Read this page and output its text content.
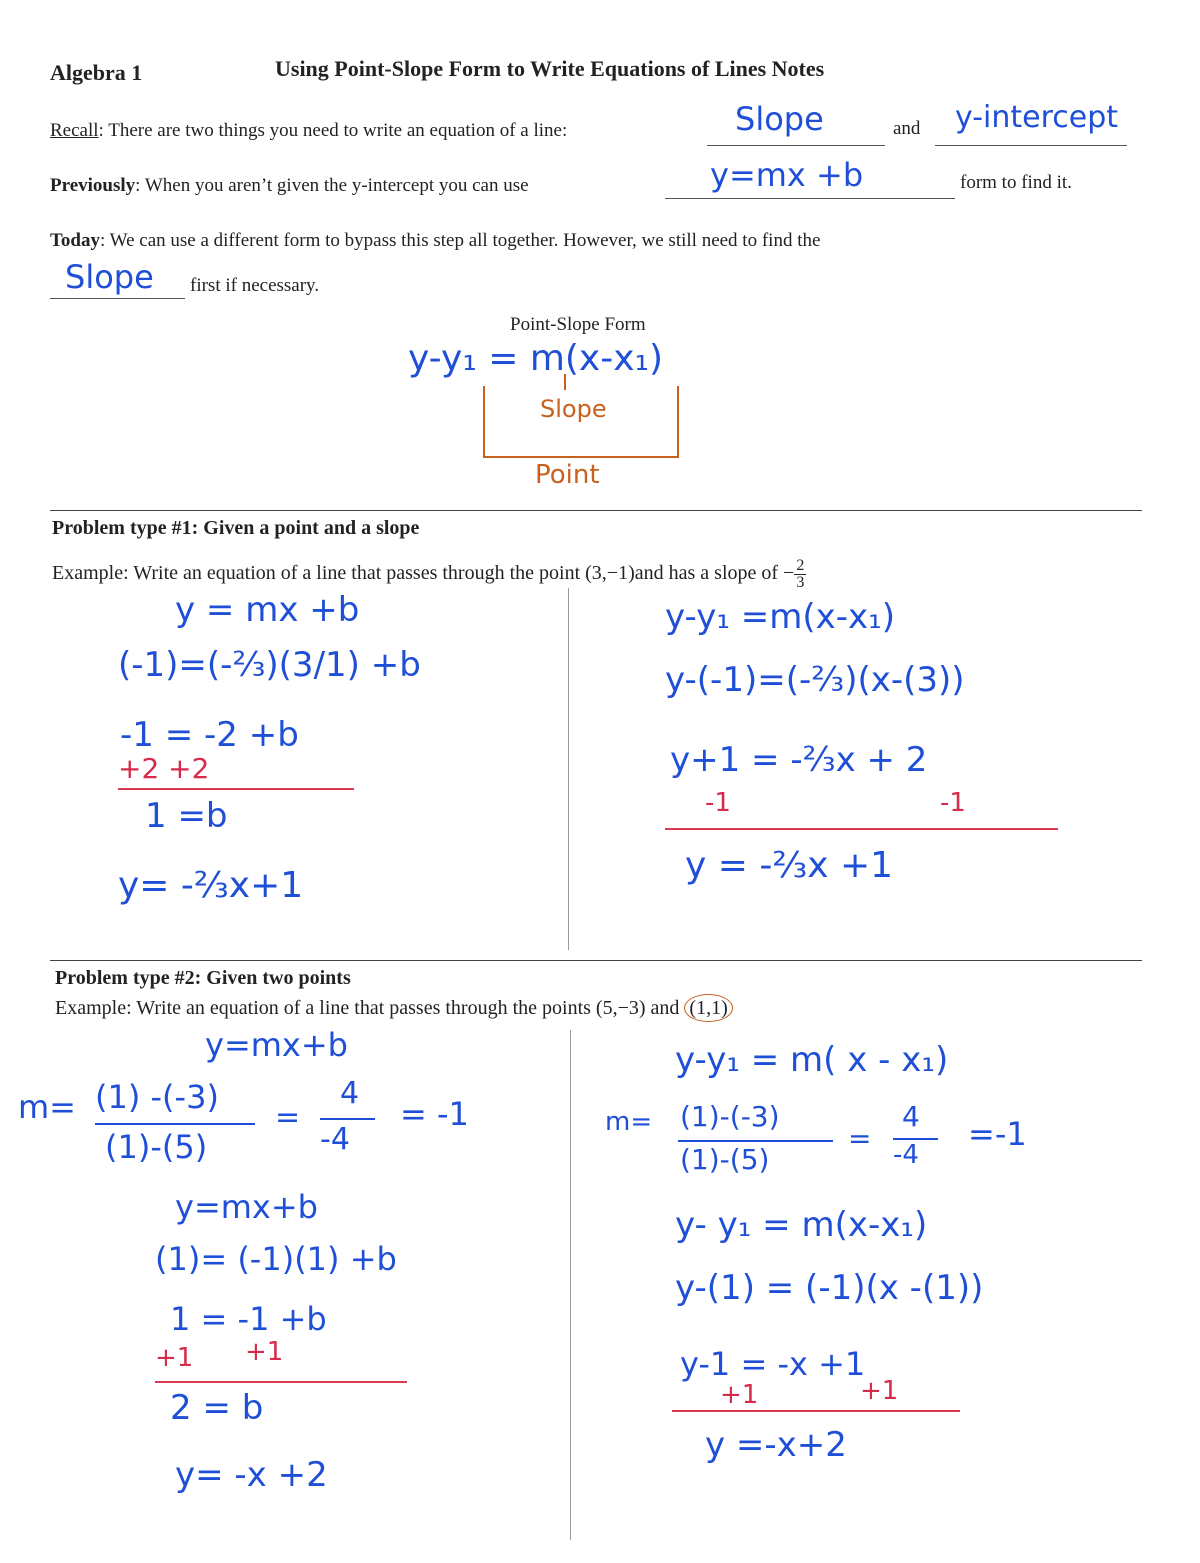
Algebra 1	Using Point-Slope Form to Write Equations of Lines Notes
Recall: There are two things you need to write an equation of a line:	Slope	and y-intercept
Previously: When you aren’t given the y-intercept you can use	y=mx +b	form to find it.
Today: We can use a different form to bypass this step all together. However, we still need to find the
Slope first if necessary.
Point-Slope Form
y-y₁ = m(x-x₁)
Slope
Point
Problem type #1: Given a point and a slope
Example: Write an equation of a line that passes through the point (3,−1)and has a slope of − $\frac{2}{3}$
y = mx +b
(-1)=(-⅔)(3/1) +b
-1 = -2 +b
+2 +2
1 =b
y= -⅔x+1
y-y₁ =m(x-x₁)
y-(-1)=(-⅔)(x-(3))
y+1 = -⅔x + 2
-1	-1
y = -⅔x +1
Problem type #2: Given two points
Example: Write an equation of a line that passes through the points (5,−3) and (1,1)
y=mx+b
m= (1) -(-3)
(1)-(5)
=
4
-4
= -1
y=mx+b
(1)= (-1)(1) +b
1 = -1 +b
+1 +1
2 = b
y= -x +2
y-y₁ = m( x - x₁)
m= (1)-(-3)
(1)-(5)
=
4
-4
=-1
y- y₁ = m(x-x₁)
y-(1) = (-1)(x -(1))
y-1 = -x +1
+1	+1
y =-x+2
